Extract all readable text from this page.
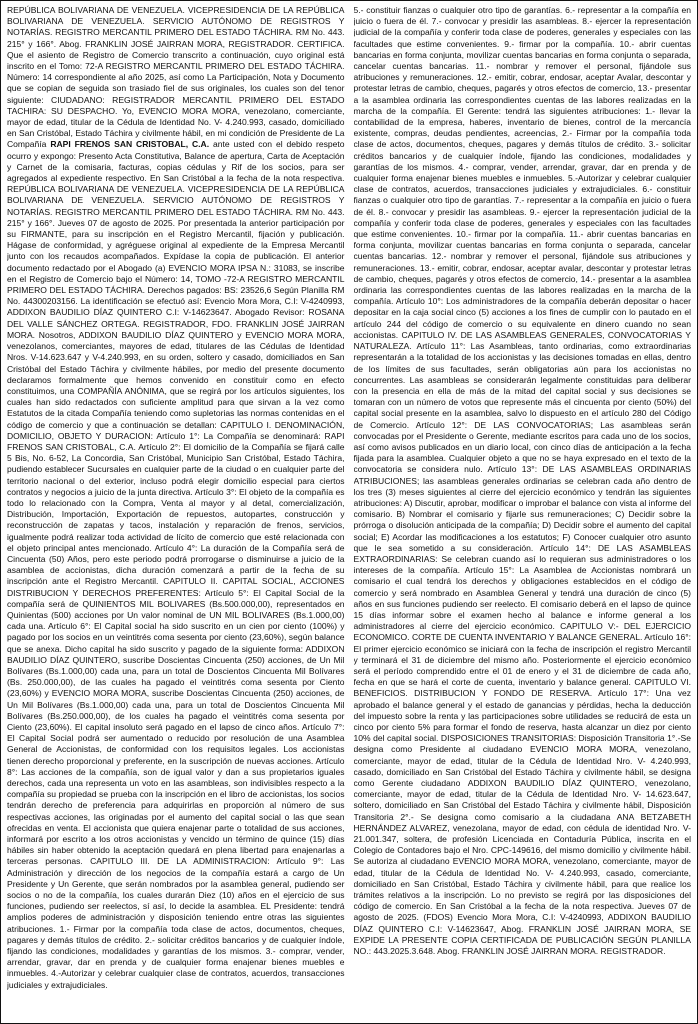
REPÚBLICA BOLIVARIANA DE VENEZUELA. VICEPRESIDENCIA DE LA REPÚBLICA BOLIVARIANA DE VENEZUELA. SERVICIO AUTÓNOMO DE REGISTROS Y NOTARÍAS. REGISTRO MERCANTIL PRIMERO DEL ESTADO TÁCHIRA. RM No. 443. 215° y 166°. Abog. FRANKLIN JOSÉ JAIRRAN MORA, REGISTRADOR. CERTIFICA. Que el asiento de Registro de Comercio transcrito a continuación, cuyo original está inscrito en el Tomo: 72-A REGISTRO MERCANTIL PRIMERO DEL ESTADO TÁCHIRA. Número: 14 correspondiente al año 2025, así como La Participación, Nota y Documento que se copian de seguida son trasiado fiel de sus originales, los cuales son del tenor siguiente: CIUDADANO: REGISTRADOR MERCANTIL PRIMERO DEL ESTADO TACHIRA: SU DESPACHO. Yo, EVENCIO MORA MORA, venezolano, comerciante, mayor de edad, titular de la Cédula de Identidad No. V- 4.240.993, casado, domiciliado en San Cristóbal, Estado Táchira y civilmente hábil, en mi condición de Presidente de La Compañía RAPI FRENOS SAN CRISTOBAL, C.A. ante usted con el debido respeto ocurro y expongo: Presento Acta Constitutiva, Balance de apertura, Carta de Aceptación y Carnet de la comisaria, facturas, copias cédulas y Rif de los socios, para ser agregados al expediente respectivo. En San Cristóbal a la fecha de la nota respectiva. REPÚBLICA BOLIVARIANA DE VENEZUELA. VICEPRESIDENCIA DE LA REPÚBLICA BOLIVARIANA DE VENEZUELA. SERVICIO AUTÓNOMO DE REGISTROS Y NOTARÍAS. REGISTRO MERCANTIL PRIMERO DEL ESTADO TÁCHIRA. RM No. 443. 215° y 166°. Jueves 07 de agosto de 2025. Por presentada la anterior participación por su FIRMANTE, para su inscripción en el Registro Mercantil, fijación y publicación. Hágase de conformidad, y agréguese original al expediente de la Empresa Mercantil junto con los recaudos acompañados. Expídase la copia de publicación. El anterior documento redactado por el Abogado (a) EVENCIO MORA IPSA N.: 31083, se inscribe en el Registro de Comercio bajo el Número: 14, TOMO -72-A REGISTRO MERCANTIL PRIMERO DEL ESTADO TÁCHIRA. Derechos pagados: BS: 23526,6 Según Planilla RM No. 44300203156. La identificación se efectuó así: Evencio Mora Mora, C.I: V-4240993, ADDIXON BAUDILIO DÍAZ QUINTERO C.I: V-14623647. Abogado Revisor: ROSANA DEL VALLE SÁNCHEZ ORTEGA. REGISTRADOR, FDO. FRANKLIN JOSÉ JAIRRAN MORA. Nosotros, ADDIXON BAUDILIO DÍAZ QUINTERO y EVENCIO MORA MORA, venezolanos, comerciantes, mayores de edad, titulares de las Cédulas de Identidad Nros. V-14.623.647 y V-4.240.993, en su orden, soltero y casado, domiciliados en San Cristóbal del Estado Táchira y civilmente hábiles, por medio del presente documento declaramos formalmente que hemos convenido en constituir como en efecto constituimos, una COMPAÑÍA ANÓNIMA, que se regirá por los artículos siguientes, los cuales han sido redactados con suficiente amplitud para que sirvan a la vez como Estatutos de la citada Compañía teniendo como supletorias las normas contenidas en el código de comercio y que a continuación se detallan: CAPITULO I. DENOMINACIÓN, DOMICILIO, OBJETO Y DURACION: Artículo 1°: La Compañía se denominará: RAPI FRENOS SAN CRISTOBAL, C.A. Artículo 2°: El domicilio de la Compañía se fijará calle 5 Bis, No. 6-52, La Concordia, San Cristóbal, Municipio San Cristóbal, Estado Táchira, pudiendo establecer Sucursales en cualquier parte de la ciudad o en cualquier parte del territorio nacional o del exterior, incluso podrá elegir domicilio especial para ciertos contratos y negocios a juicio de la junta directiva. Artículo 3°: El objeto de la compañía es todo lo relacionado con la Compra, Venta al mayor y al detal, comercialización, Distribución, Importación, Exportación de repuestos, autopartes, construcción y reconstrucción de zapatas y tacos, instalación y reparación de frenos, servicios, igualmente podrá realizar toda actividad de lícito de comercio que esté relacionada con el objeto principal antes mencionado. Artículo 4°: La duración de la Compañía será de Cincuenta (50) Años, pero este periodo podrá prorrogarse o disminuirse a juicio de la asamblea de accionistas, dicha duración comenzará a partir de la fecha de su inscripción ante el Registro Mercantil. CAPITULO II. CAPITAL SOCIAL, ACCIONES DISTRIBUCION Y DERECHOS PREFERENTES: Artículo 5°: El Capital Social de la compañía será de QUINIENTOS MIL BOLIVARES (Bs.500.000,00), representados en Quinientas (500) acciones por Un valor nominal de UN MIL BOLIVARES (Bs.1.000,00) cada una. Artículo 6°: El Capital social ha sido suscrito en un cien por ciento (100%) y pagado por los socios en un veintitrés coma sesenta por ciento (23,60%), según balance que se anexa. Dicho capital ha sido suscrito y pagado de la siguiente forma: ADDIXON BAUDILIO DÍAZ QUINTERO, suscribe Doscientas Cincuenta (250) acciones, de Un Mil Bolívares (Bs.1.000,00) cada una, para un total de Doscientos Cincuenta Mil Bolívares (Bs. 250.000,00), de las cuales ha pagado el veintitrés coma sesenta por Ciento (23,60%) y EVENCIO MORA MORA, suscribe Doscientas Cincuenta (250) acciones, de Un Mil Bolívares (Bs.1.000,00) cada una, para un total de Doscientos Cincuenta Mil Bolívares (Bs.250.000,00), de los cuales ha pagado el veintitrés coma sesenta por Ciento (23,60%). El capital insoluto será pagado en el lapso de cinco años. Artículo 7°: El Capital Social podrá ser aumentado o reducido por resolución de una Asamblea General de Accionistas, de conformidad con los requisitos legales. Los accionistas tienen derecho proporcional y preferente, en la suscripción de nuevas acciones. Artículo 8°: Las acciones de la compañía, son de igual valor y dan a sus propietarios iguales derechos, cada una representa un voto en las asambleas, son indivisibles respecto a la compañía su propiedad se prueba con la inscripción en el libro de accionistas, los socios tendrán derecho de preferencia para adquirirlas en proporción al número de sus respectivas acciones, las originadas por el aumento del capital social o las que sean ofrecidas en venta. El accionista que quiera enajenar parte o totalidad de sus acciones, informará por escrito a los otros accionistas y vencido un término de quince (15) días hábiles sin haber obtenido la aceptación quedará en plena libertad para enajenarlas a terceras personas. CAPITULO III. DE LA ADMINISTRACION: Artículo 9°: Las Administración y dirección de los negocios de la compañía estará a cargo de Un Presidente y Un Gerente, que serán nombrados por la asamblea general, pudiendo ser socios o no de la compañía, los cuales durarán Diez (10) años en el ejercicio de sus funciones, pudiendo ser reelectos, sí así, lo decide la asamblea. EL Presidente: tendrá amplios poderes de administración y disposición teniendo entre otras las siguientes atribuciones. 1.- Firmar por la compañía toda clase de actos, documentos, cheques, pagares y demás títulos de crédito. 2.- solicitar créditos bancarios y de cualquier índole, fijando las condiciones, modalidades y garantías de los mismos. 3.- comprar, vender, arrendar, gravar, dar en prenda y de cualquier forma enajenar bienes muebles e inmuebles. 4.-Autorizar y celebrar cualquier clase de contratos, acuerdos, transacciones judiciales y extrajudiciales.

5.- constituir fianzas o cualquier otro tipo de garantías. 6.- representar a la compañía en juicio o fuera de él. 7.- convocar y presidir las asambleas. 8.- ejercer la representación judicial de la compañía y conferir toda clase de poderes, generales y especiales con las facultades que estime convenientes. 9.- firmar por la compañía. 10.- abrir cuentas bancarias en forma conjunta, movilizar cuentas bancarias en forma conjunta o separada, cancelar cuentas bancarias. 11.- nombrar y remover el personal, fijándole sus atribuciones y remuneraciones. 12.- emitir, cobrar, endosar, aceptar Avalar, descontar y protestar letras de cambio, cheques, pagarés y otros efectos de comercio, 13.- presentar a la asamblea ordinaria las correspondientes cuentas de las labores realizadas en la marcha de la compañía. El Gerente: tendrá las siguientes atribuciones: 1.- llevar la contabilidad de la empresa, haberes, inventario de bienes, control de la mercancía existente, compras, deudas pendientes, acreencias, 2.- Firmar por la compañía toda clase de actos, documentos, cheques, pagares y demás títulos de crédito. 3.- solicitar créditos bancarios y de cualquier índole, fijando las condiciones, modalidades y garantías de los mismos. 4.- comprar, vender, arrendar, gravar, dar en prenda y de cualquier forma enajenar bienes muebles e inmuebles. 5.-Autorizar y celebrar cualquier clase de contratos, acuerdos, transacciones judiciales y extrajudiciales. 6.- constituir fianzas o cualquier otro tipo de garantías. 7.- representar a la compañía en juicio o fuera de él. 8.- convocar y presidir las asambleas. 9.- ejercer la representación judicial de la compañía y conferir toda clase de poderes, generales y especiales con las facultades que estime convenientes. 10.- firmar por la compañía. 11.- abrir cuentas bancarias en forma conjunta, movilizar cuentas bancarias en forma conjunta o separada, cancelar cuentas bancarias. 12.- nombrar y remover el personal, fijándole sus atribuciones y remuneraciones. 13.- emitir, cobrar, endosar, aceptar avalar, descontar y protestar letras de cambio, cheques, pagarés y otros efectos de comercio, 14.- presentar a la asamblea ordinaria las correspondientes cuentas de las labores realizadas en la marcha de la compañía. Artículo 10°: Los administradores de la compañía deberán depositar o hacer depositar en la caja social cinco (5) acciones a los fines de cumplir con lo pautado en el artículo 244 del código de comercio o su equivalente en dinero cuando no sean accionistas. CAPITULO IV. DE LAS ASAMBLEAS GENERALES, CONVOCATORIAS Y NATURALEZA. Artículo 11°: Las Asambleas, tanto ordinarias, como extraordinarias representarán a la totalidad de los accionistas y las decisiones tomadas en ellas, dentro de los límites de sus facultades, serán obligatorias aún para los accionistas no concurrentes. Las asambleas se considerarán legalmente constituidas para deliberar con la presencia en ella de más de la mitad del capital social y sus decisiones se tomaran con un número de votos que represente más el cincuenta por ciento (50%) del capital social presente en la asamblea, salvo lo dispuesto en el artículo 280 del Código de Comercio. Artículo 12°: DE LAS CONVOCATORIAS; Las asambleas serán convocadas por el Presidente o Gerente, mediante escritos para cada uno de los socios, así como avisos publicados en un diario local, con cinco días de anticipación a la fecha fijada para la asamblea. Cualquier objeto a que no se haya expresado en el texto de la convocatoria se considera nulo. Artículo 13°: DE LAS ASAMBLEAS ORDINARIAS ATRIBUCIONES; las asambleas generales ordinarias se celebran cada año dentro de los tres (3) meses siguientes al cierre del ejercicio económico y tendrán las siguientes atribuciones: A) Discutir, aprobar, modificar o improbar el balance con vista al informe del comisario. B) Nombrar el comisario y fijarle sus remuneraciones; C) Decidir sobre la prórroga o disolución anticipada de la compañía; D) Decidir sobre el aumento del capital social; E) Acordar las modificaciones a los estatutos; F) Conocer cualquier otro asunto que le sea sometido a su consideración. Artículo 14°: DE LAS ASAMBLEAS EXTRAORDINARIAS: Se celebran cuando así lo requieran sus administradores o los intereses de la compañía. Artículo 15°: La Asamblea de Accionistas nombrará un comisario el cual tendrá los derechos y obligaciones establecidos en el código de comercio y será nombrado en Asamblea General y tendrá una duración de cinco (5) años en sus funciones pudiendo ser reelecto. El comisario deberá en el lapso de quince 15 días informar sobre el examen hecho al balance e informe general a los administradores al cierre del ejercicio económico. CAPITULO V:- DEL EJERCICIO ECONOMICO. CORTE DE CUENTA INVENTARIO Y BALANCE GENERAL. Artículo 16°: El primer ejercicio económico se iniciará con la fecha de inscripción el registro Mercantil y terminará el 31 de diciembre del mismo año. Posteriormente el ejercicio económico será el período comprendido entre el 01 de enero y el 31 de diciembre de cada año, fecha en que se hará el corte de cuenta, inventario y balance general. CAPITULO VI. BENEFICIOS. DISTRIBUCION Y FONDO DE RESERVA. Artículo 17°: Una vez aprobado el balance general y el estado de ganancias y pérdidas, hecha la deducción del impuesto sobre la renta y las participaciones sobre utilidades se reducirá de esta un cinco por ciento 5% para formar el fondo de reserva, hasta alcanzar un diez por ciento 10% del capital social. DISPOSICIONES TRANSITORIAS: Disposición Transitoria 1°.-Se designa como Presidente al ciudadano EVENCIO MORA MORA, venezolano, comerciante, mayor de edad, titular de la Cédula de Identidad Nro. V- 4.240.993, casado, domiciliado en San Cristóbal del Estado Táchira y civilmente hábil, se designa como Gerente ciudadano ADDIXON BAUDILIO DÍAZ QUINTERO, venezolano, comerciante, mayor de edad, titular de la Cédula de Identidad Nro. V- 14.623.647, soltero, domiciliado en San Cristóbal del Estado Táchira y civilmente hábil, Disposición Transitoria 2°.- Se designa como comisario a la ciudadana ANA BETZABETH HERNÁNDEZ ALVAREZ, venezolana, mayor de edad, con cédula de identidad Nro. V-21.001.347, soltera, de profesión Licenciada en Contaduría Pública, inscrita en el Colegio de Contadores bajo el Nro. CPC-149616, del mismo domicilio y civilmente hábil. Se autoriza al ciudadano EVENCIO MORA MORA, venezolano, comerciante, mayor de edad, titular de la Cédula de Identidad No. V- 4.240.993, casado, comerciante, domiciliado en San Cristóbal, Estado Táchira y civilmente hábil, para que realice los trámites relativos a la inscripción. Lo no previsto se regirá por las disposiciones del código de comercio. En San Cristóbal a la fecha de la nota respectiva. Jueves 07 de agosto de 2025. (FDOS) Evencio Mora Mora, C.I: V-4240993, ADDIXON BAUDILIO DÍAZ QUINTERO C.I: V-14623647, Abog. FRANKLIN JOSÉ JAIRRAN MORA, SE EXPIDE LA PRESENTE COPIA CERTIFICADA DE PUBLICACIÓN SEGÚN PLANILLA NO.: 443.2025.3.648. Abog. FRANKLIN JOSÉ JAIRRAN MORA. REGISTRADOR.
